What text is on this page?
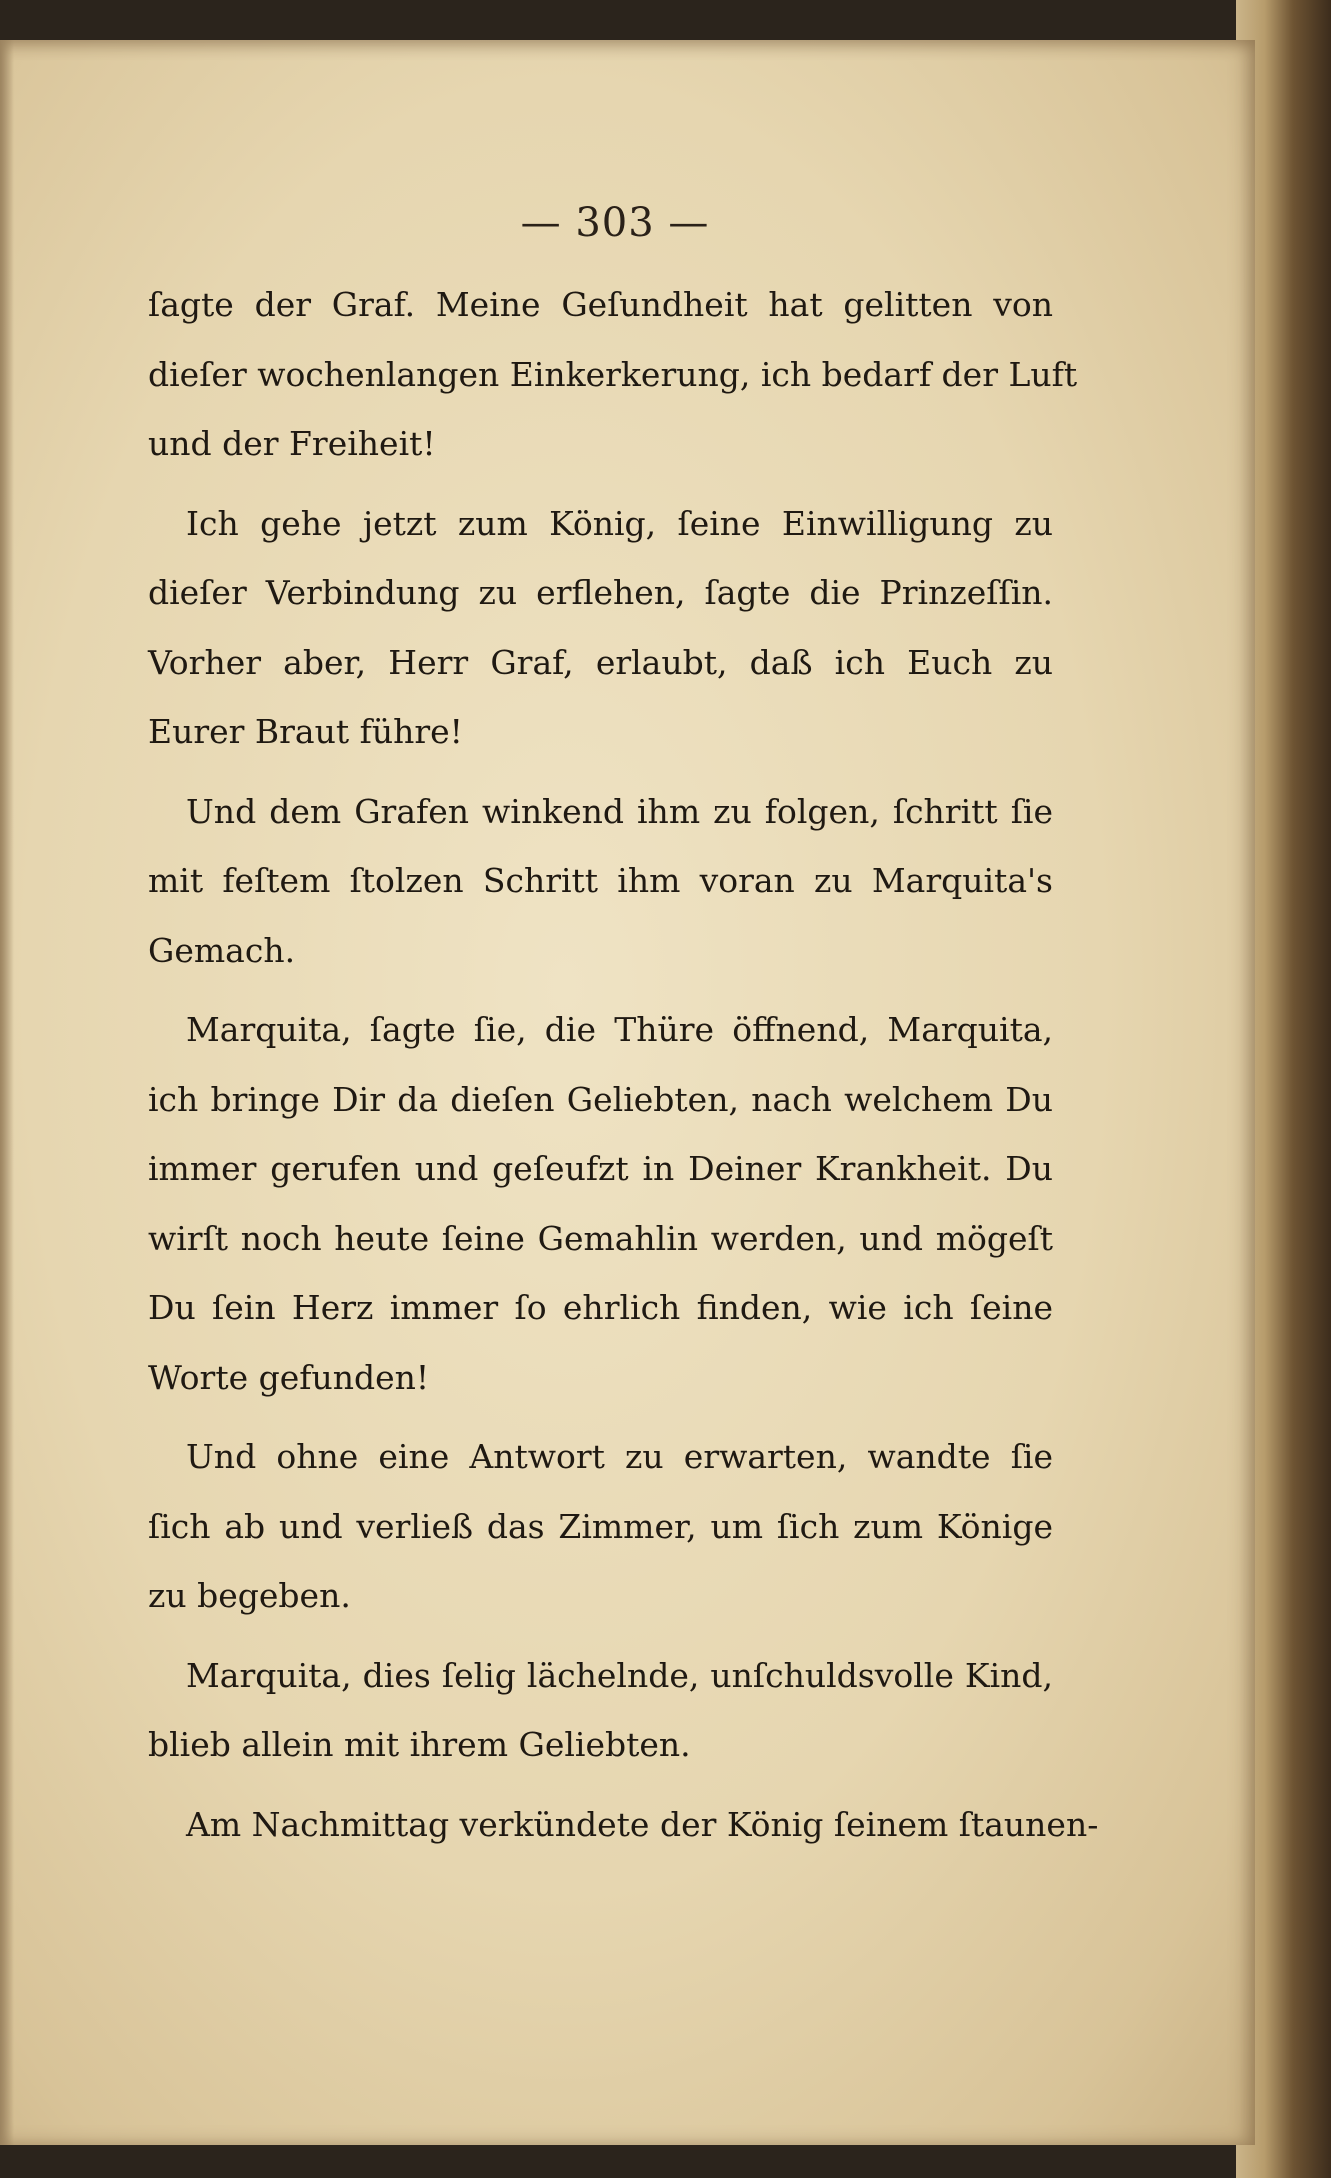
— 303 —

ſagte der Graf. Meine Geſundheit hat gelitten von
dieſer wochenlangen Einkerkerung, ich bedarf der Luft
und der Freiheit!

Ich gehe jetzt zum König, ſeine Einwilligung zu
dieſer Verbindung zu erflehen, ſagte die Prinzeſſin.
Vorher aber, Herr Graf, erlaubt, daß ich Euch zu
Eurer Braut führe!

Und dem Grafen winkend ihm zu folgen, ſchritt ſie
mit feſtem ſtolzen Schritt ihm voran zu Marquita's
Gemach.

Marquita, ſagte ſie, die Thüre öffnend, Marquita,
ich bringe Dir da dieſen Geliebten, nach welchem Du
immer gerufen und geſeufzt in Deiner Krankheit. Du
wirſt noch heute ſeine Gemahlin werden, und mögeſt
Du ſein Herz immer ſo ehrlich finden, wie ich ſeine
Worte gefunden!

Und ohne eine Antwort zu erwarten, wandte ſie
ſich ab und verließ das Zimmer, um ſich zum Könige
zu begeben.

Marquita, dies ſelig lächelnde, unſchuldsvolle Kind,
blieb allein mit ihrem Geliebten.

Am Nachmittag verkündete der König ſeinem ſtaunen-
